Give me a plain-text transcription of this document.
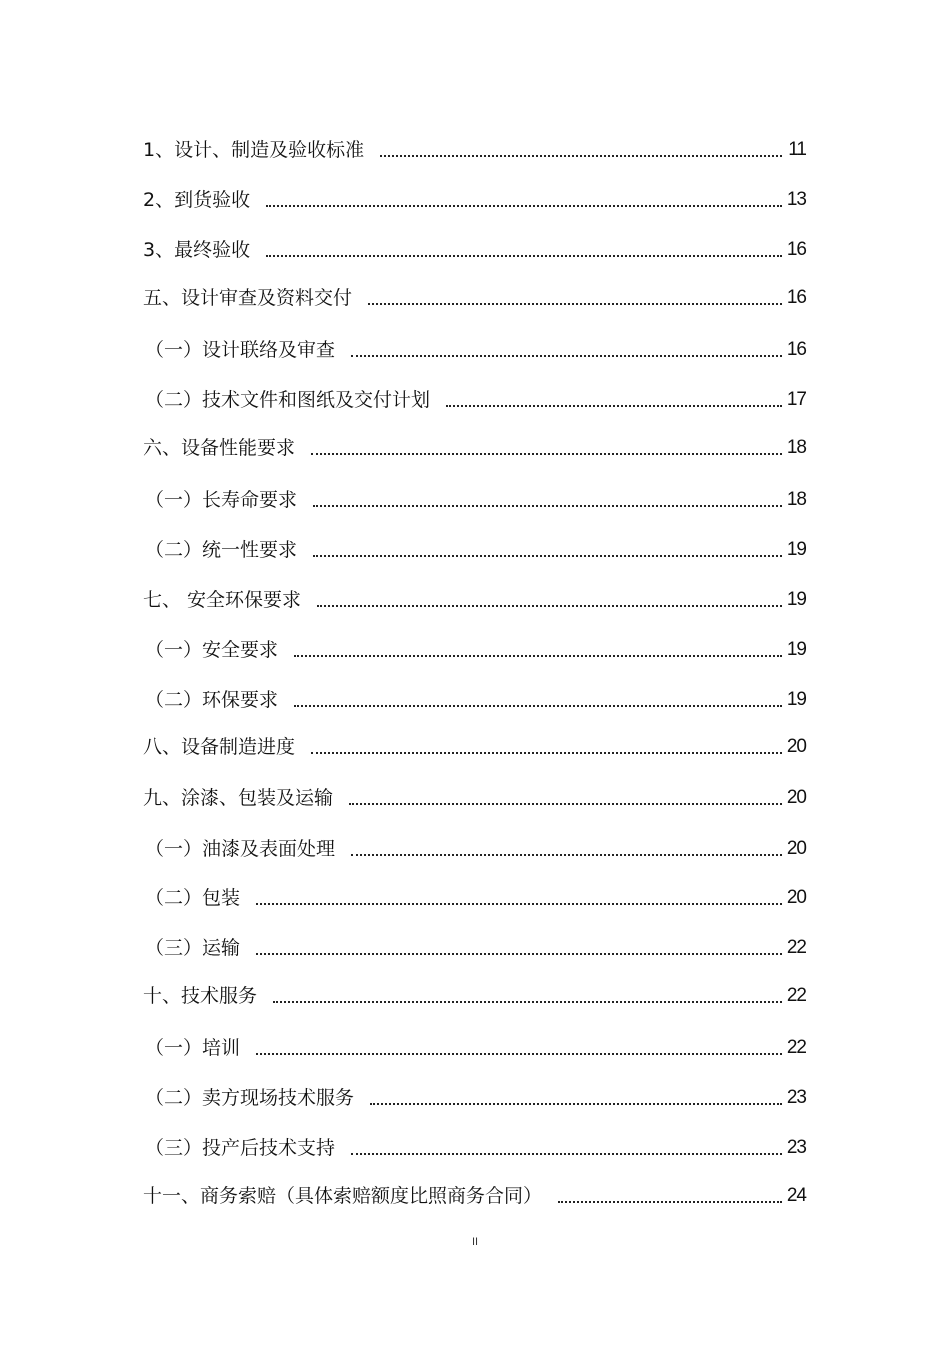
1、设计、制造及验收标准	11
2、到货验收	13
3、最终验收	16
五、设计审查及资料交付	16
（一）设计联络及审查	16
（二）技术文件和图纸及交付计划	17
六、设备性能要求	18
（一）长寿命要求	18
（二）统一性要求	19
七、 安全环保要求	19
（一）安全要求	19
（二）环保要求	19
八、设备制造进度	20
九、涂漆、包装及运输	20
（一）油漆及表面处理	20
（二）包装	20
（三）运输	22
十、技术服务	22
（一）培训	22
（二）卖方现场技术服务	23
（三）投产后技术支持	23
十一、商务索赔（具体索赔额度比照商务合同）	24
II
